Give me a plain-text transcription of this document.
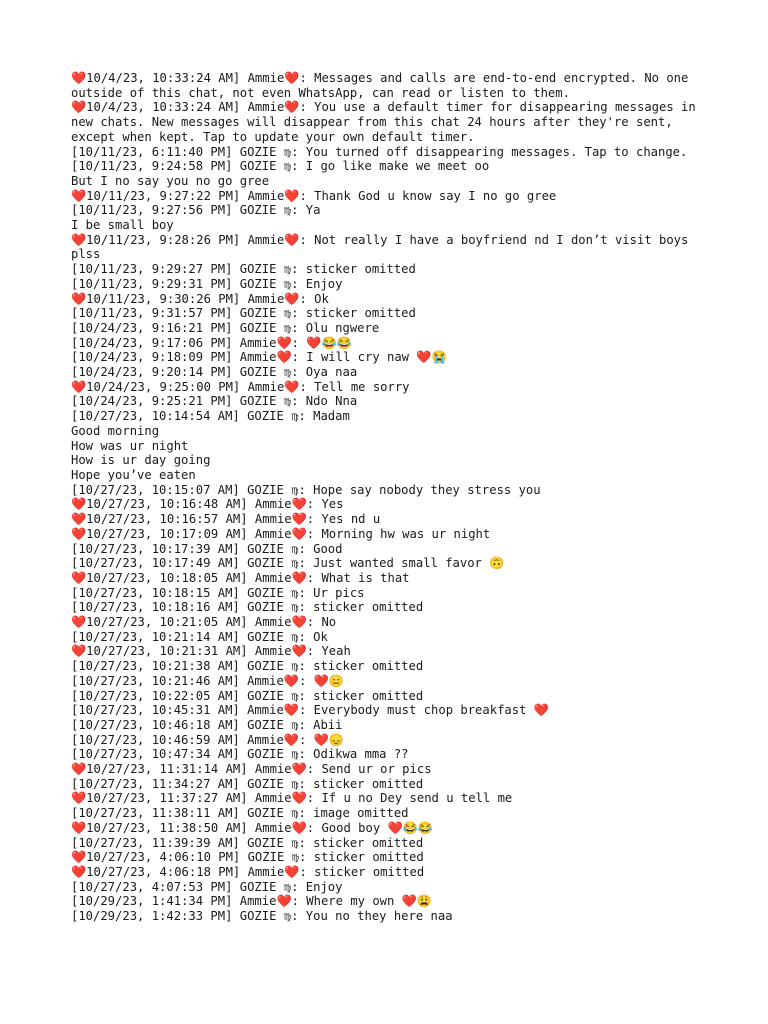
❤️10/4/23, 10:33:24 AM] Ammie❤️: Messages and calls are end-to-end encrypted. No one outside of this chat, not even WhatsApp, can read or listen to them.
❤️10/4/23, 10:33:24 AM] Ammie❤️: You use a default timer for disappearing messages in new chats. New messages will disappear from this chat 24 hours after they're sent, except when kept. Tap to update your own default timer.
[10/11/23, 6:11:40 PM] GOZIE ♍: You turned off disappearing messages. Tap to change.
[10/11/23, 9:24:58 PM] GOZIE ♍: I go like make we meet oo
But I no say you no go gree
❤️10/11/23, 9:27:22 PM] Ammie❤️: Thank God u know say I no go gree
[10/11/23, 9:27:56 PM] GOZIE ♍: Ya
I be small boy
❤️10/11/23, 9:28:26 PM] Ammie❤️: Not really I have a boyfriend nd I don’t visit boys plss
[10/11/23, 9:29:27 PM] GOZIE ♍: sticker omitted
[10/11/23, 9:29:31 PM] GOZIE ♍: Enjoy
❤️10/11/23, 9:30:26 PM] Ammie❤️: Ok
[10/11/23, 9:31:57 PM] GOZIE ♍: sticker omitted
[10/24/23, 9:16:21 PM] GOZIE ♍: Olu ngwere
[10/24/23, 9:17:06 PM] Ammie❤️: ❤️😂😂
[10/24/23, 9:18:09 PM] Ammie❤️: I will cry naw ❤️😭
[10/24/23, 9:20:14 PM] GOZIE ♍: Oya naa
❤️10/24/23, 9:25:00 PM] Ammie❤️: Tell me sorry
[10/24/23, 9:25:21 PM] GOZIE ♍: Ndo Nna
[10/27/23, 10:14:54 AM] GOZIE ♍: Madam
Good morning
How was ur night
How is ur day going
Hope you’ve eaten
[10/27/23, 10:15:07 AM] GOZIE ♍: Hope say nobody they stress you
❤️10/27/23, 10:16:48 AM] Ammie❤️: Yes
❤️10/27/23, 10:16:57 AM] Ammie❤️: Yes nd u
❤️10/27/23, 10:17:09 AM] Ammie❤️: Morning hw was ur night
[10/27/23, 10:17:39 AM] GOZIE ♍: Good
[10/27/23, 10:17:49 AM] GOZIE ♍: Just wanted small favor 🙃
❤️10/27/23, 10:18:05 AM] Ammie❤️: What is that
[10/27/23, 10:18:15 AM] GOZIE ♍: Ur pics
[10/27/23, 10:18:16 AM] GOZIE ♍: sticker omitted
❤️10/27/23, 10:21:05 AM] Ammie❤️: No
[10/27/23, 10:21:14 AM] GOZIE ♍: Ok
❤️10/27/23, 10:21:31 AM] Ammie❤️: Yeah
[10/27/23, 10:21:38 AM] GOZIE ♍: sticker omitted
[10/27/23, 10:21:46 AM] Ammie❤️: ❤️😑
[10/27/23, 10:22:05 AM] GOZIE ♍: sticker omitted
[10/27/23, 10:45:31 AM] Ammie❤️: Everybody must chop breakfast ❤️
[10/27/23, 10:46:18 AM] GOZIE ♍: Abii
[10/27/23, 10:46:59 AM] Ammie❤️: ❤️😞
[10/27/23, 10:47:34 AM] GOZIE ♍: Odikwa mma ??
❤️10/27/23, 11:31:14 AM] Ammie❤️: Send ur or pics
[10/27/23, 11:34:27 AM] GOZIE ♍: sticker omitted
❤️10/27/23, 11:37:27 AM] Ammie❤️: If u no Dey send u tell me
[10/27/23, 11:38:11 AM] GOZIE ♍: image omitted
❤️10/27/23, 11:38:50 AM] Ammie❤️: Good boy ❤️😂😂
[10/27/23, 11:39:39 AM] GOZIE ♍: sticker omitted
❤️10/27/23, 4:06:10 PM] GOZIE ♍: sticker omitted
❤️10/27/23, 4:06:18 PM] Ammie❤️: sticker omitted
[10/27/23, 4:07:53 PM] GOZIE ♍: Enjoy
[10/29/23, 1:41:34 PM] Ammie❤️: Where my own ❤️😩
[10/29/23, 1:42:33 PM] GOZIE ♍: You no they here naa
